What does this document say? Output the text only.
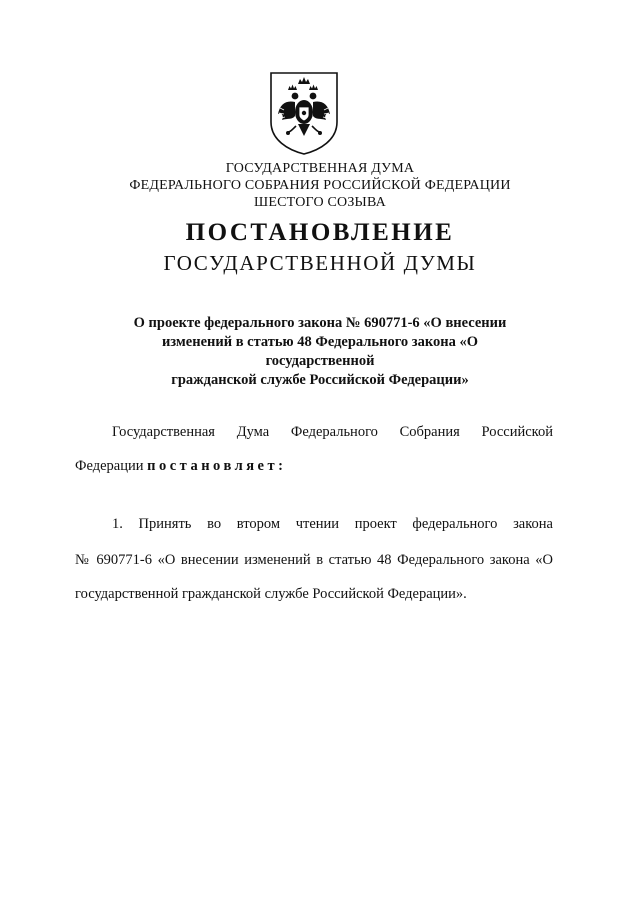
ГОСУДАРСТВЕННАЯ ДУМА
ФЕДЕРАЛЬНОГО СОБРАНИЯ РОССИЙСКОЙ ФЕДЕРАЦИИ
ШЕСТОГО СОЗЫВА
ПОСТАНОВЛЕНИЕ
ГОСУДАРСТВЕННОЙ ДУМЫ
О проекте федерального закона № 690771-6 «О внесении
изменений в статью 48 Федерального закона «О государственной
гражданской службе Российской Федерации»
Государственная Дума Федерального Собрания Российской
Федерации постановляет:
1. Принять во втором чтении проект федерального закона
№ 690771-6 «О внесении изменений в статью 48 Федерального закона «О
государственной гражданской службе Российской Федерации».
